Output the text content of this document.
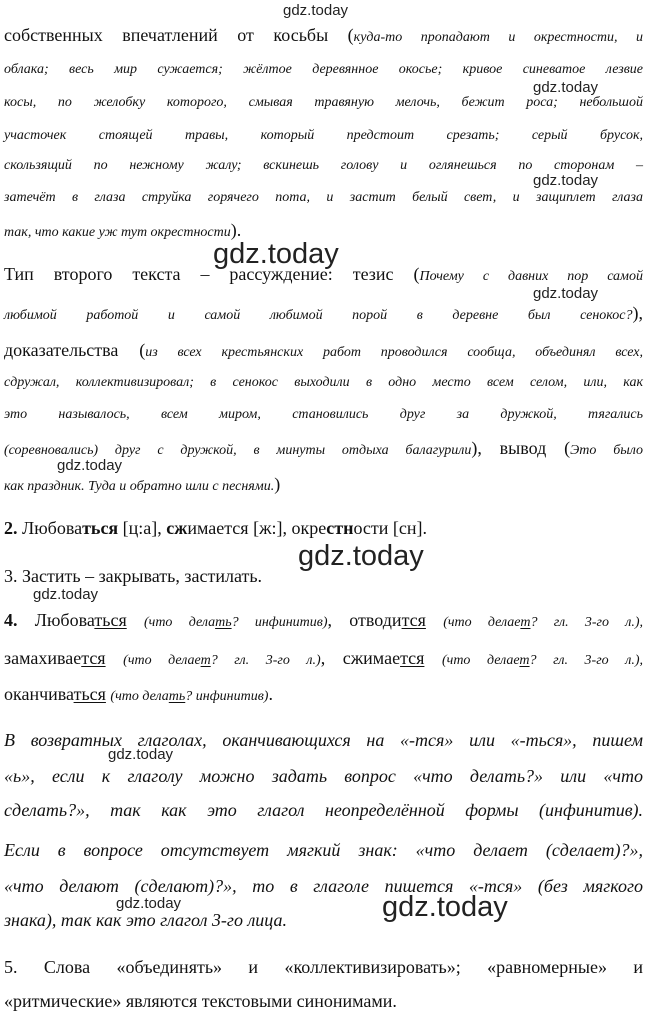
gdz.today
gdz.today
gdz.today
gdz.today
gdz.today
gdz.today
gdz.today
gdz.today
gdz.today
gdz.today	gdz.today
собственных впечатлений от косьбы (куда-то пропадают и окрестности, и
облака; весь мир сужается; жёлтое деревянное окосье; кривое синеватое лезвие
косы, по желобку которого, смывая травяную мелочь, бежит роса; небольшой
участочек стоящей травы, который предстоит срезать; серый брусок,
скользящий по нежному жалу; вскинешь голову и оглянешься по сторонам –
затечёт в глаза струйка горячего пота, и застит белый свет, и защиплет глаза
так, что какие уж тут окрестности).
Тип второго текста – рассуждение: тезис (Почему с давних пор самой
любимой работой и самой любимой порой в деревне был сенокос?),
доказательства (из всех крестьянских работ проводился сообща, объединял всех,
сдружал, коллективизировал; в сенокос выходили в одно место всем селом, или, как
это называлось, всем миром, становились друг за дружкой, тягались
(соревновались) друг с дружкой, в минуты отдыха балагурили), вывод (Это было
как праздник. Туда и обратно шли с песнями.)
2. Любоваться [ц:а], сжимается [ж:], окрестности [сн].
3. Застить – закрывать, застилать.
4. Любоваться (что делать? инфинитив), отводится (что делает? гл. 3-го л.),
замахивается (что делает? гл. 3-го л.), сжимается (что делает? гл. 3-го л.),
оканчиваться (что делать? инфинитив).
В возвратных глаголах, оканчивающихся на «-тся» или «-ться», пишем
«ь», если к глаголу можно задать вопрос «что делать?» или «что
сделать?», так как это глагол неопределённой формы (инфинитив).
Если в вопросе отсутствует мягкий знак: «что делает (сделает)?»,
«что делают (сделают)?», то в глаголе пишется «-тся» (без мягкого
знака), так как это глагол 3-го лица.
5. Слова «объединять» и «коллективизировать»; «равномерные» и
«ритмические» являются текстовыми синонимами.
